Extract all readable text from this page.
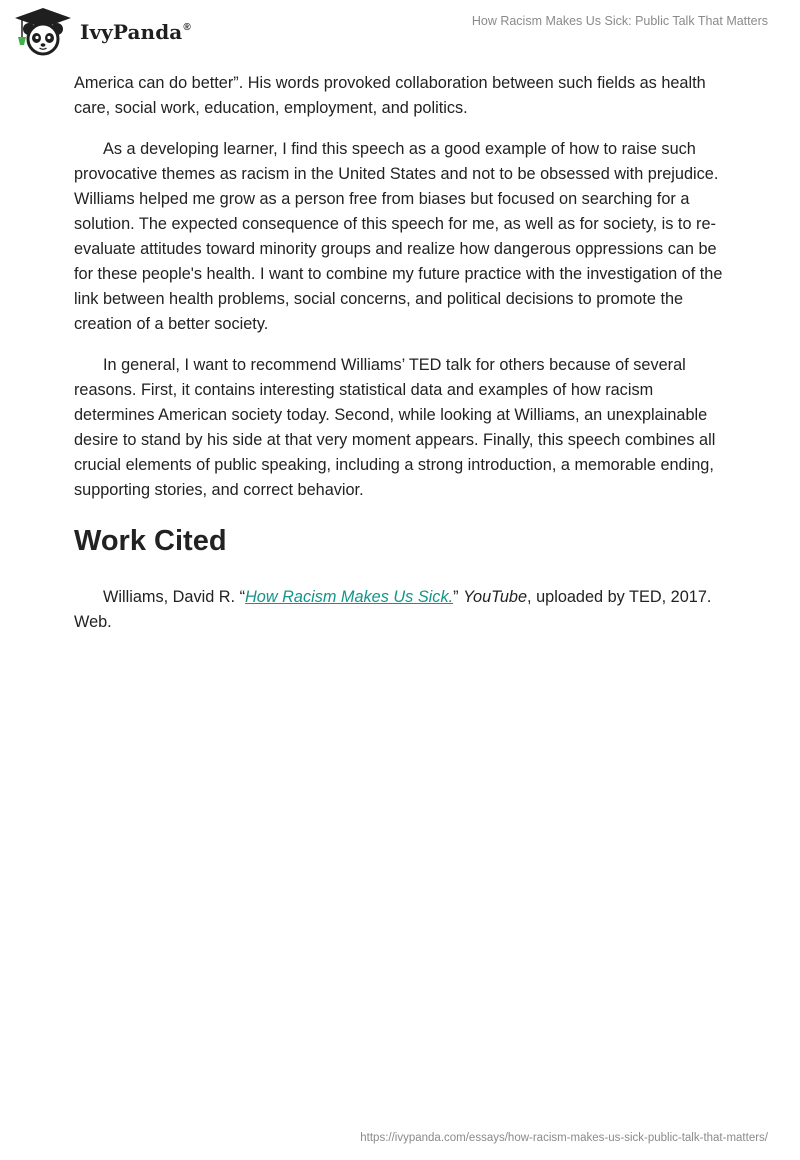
IvyPanda®	How Racism Makes Us Sick: Public Talk That Matters

America can do better”. His words provoked collaboration between such fields as health care, social work, education, employment, and politics.

As a developing learner, I find this speech as a good example of how to raise such provocative themes as racism in the United States and not to be obsessed with prejudice. Williams helped me grow as a person free from biases but focused on searching for a solution. The expected consequence of this speech for me, as well as for society, is to re-evaluate attitudes toward minority groups and realize how dangerous oppressions can be for these people's health. I want to combine my future practice with the investigation of the link between health problems, social concerns, and political decisions to promote the creation of a better society.

In general, I want to recommend Williams’ TED talk for others because of several reasons. First, it contains interesting statistical data and examples of how racism determines American society today. Second, while looking at Williams, an unexplainable desire to stand by his side at that very moment appears. Finally, this speech combines all crucial elements of public speaking, including a strong introduction, a memorable ending, supporting stories, and correct behavior.

Work Cited

Williams, David R. “How Racism Makes Us Sick.” YouTube, uploaded by TED, 2017. Web.

https://ivypanda.com/essays/how-racism-makes-us-sick-public-talk-that-matters/
